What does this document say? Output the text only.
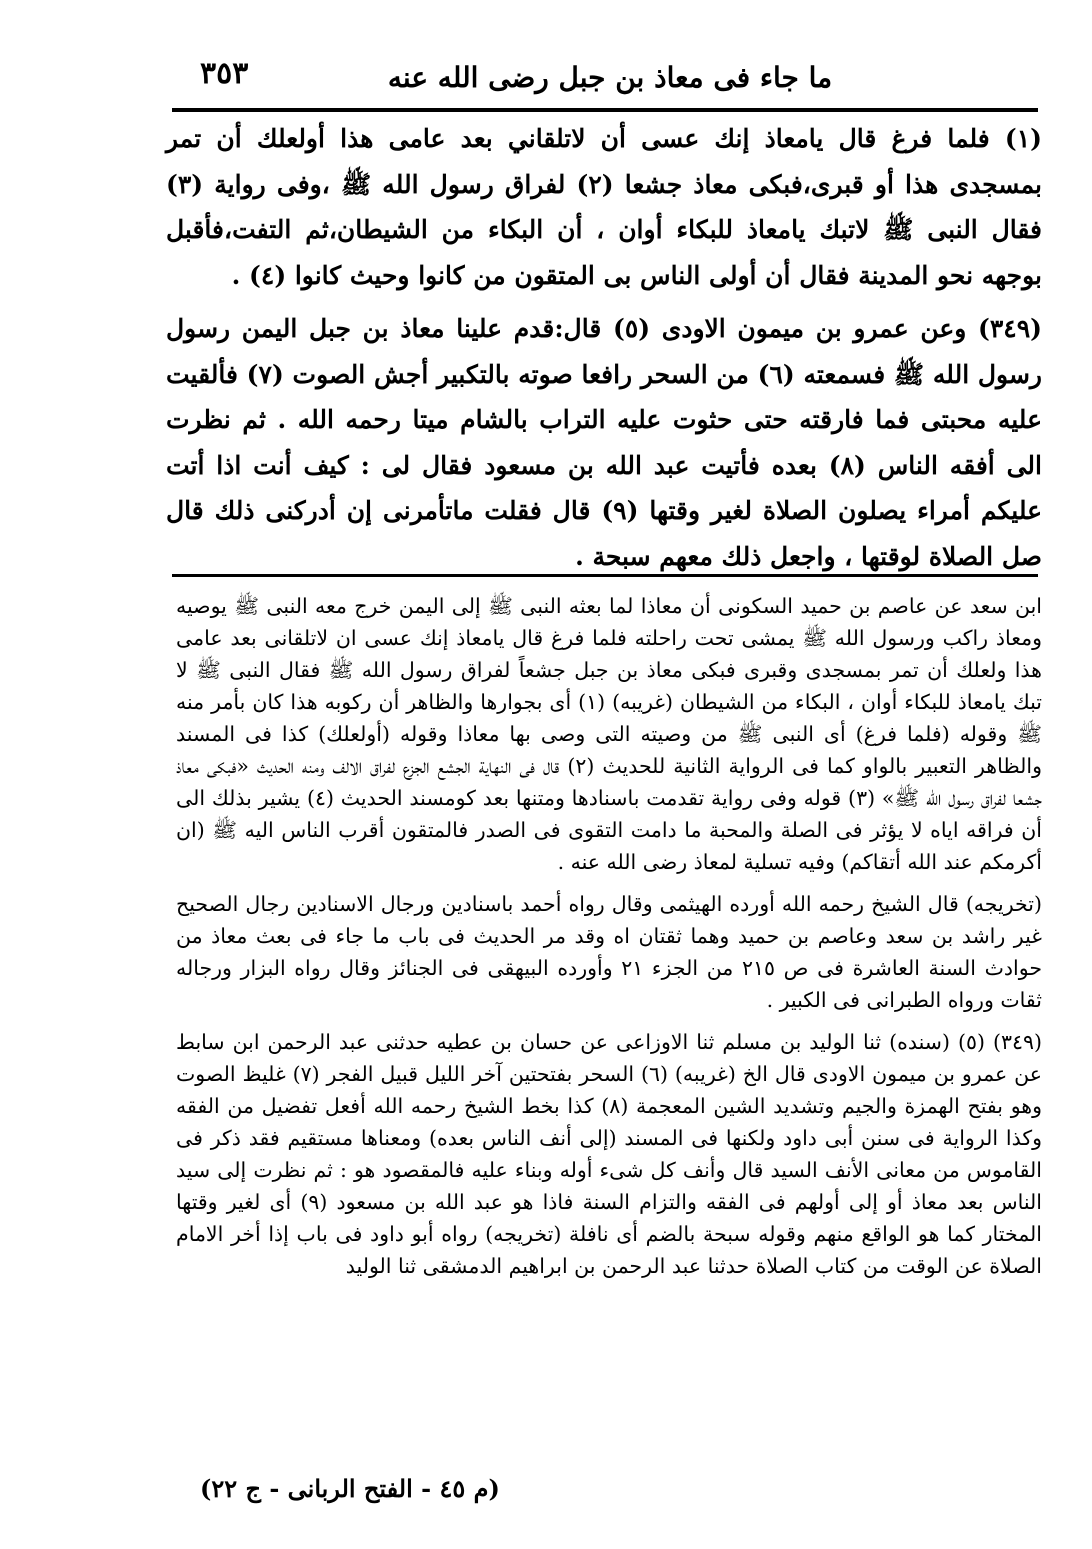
ما جاء فى معاذ بن جبل رضى الله عنه
٣٥٣

(١) فلما فرغ قال يامعاذ إنك عسى أن لاتلقاني بعد عامى هذا أولعلك أن تمر بمسجدى هذا أو قبرى،فبكى معاذ جشعا (٢) لفراق رسول الله ﷺ ،وفى رواية (٣) فقال النبى ﷺ لاتبك يامعاذ للبكاء أوان ، أن البكاء من الشيطان،ثم التفت،فأقبل بوجهه نحو المدينة فقال أن أولى الناس بى المتقون من كانوا وحيث كانوا (٤) .

(٣٤٩) وعن عمرو بن ميمون الاودى (٥) قال:قدم علينا معاذ بن جبل اليمن رسول رسول الله ﷺ فسمعته (٦) من السحر رافعا صوته بالتكبير أجش الصوت (٧) فألقيت عليه محبتى فما فارقته حتى حثوت عليه التراب بالشام ميتا رحمه الله . ثم نظرت الى أفقه الناس (٨) بعده فأتيت عبد الله بن مسعود فقال لى : كيف أنت اذا أتت عليكم أمراء يصلون الصلاة لغير وقتها (٩) قال فقلت ماتأمرنى إن أدركنى ذلك قال صل الصلاة لوقتها ، واجعل ذلك معهم سبحة .

ابن سعد عن عاصم بن حميد السكونى أن معاذا لما بعثه النبى ﷺ إلى اليمن خرج معه النبى ﷺ يوصيه ومعاذ راكب ورسول الله ﷺ يمشى تحت راحلته فلما فرغ قال يامعاذ إنك عسى ان لاتلقانى بعد عامى هذا ولعلك أن تمر بمسجدى وقبرى فبكى معاذ بن جبل جشعاً لفراق رسول الله ﷺ فقال النبى ﷺ لا تبك يامعاذ للبكاء أوان ، البكاء من الشيطان (غريبه) (١) أى بجوارها والظاهر أن ركوبه هذا كان بأمر منه ﷺ وقوله (فلما فرغ) أى النبى ﷺ من وصيته التى وصى بها معاذا وقوله (أولعلك) كذا فى المسند والظاهر التعبير بالواو كما فى الرواية الثانية للحديث (٢) قال فى النهاية الجشع الجزع لفراق الالف ومنه الحديث «فبكى معاذ جشعا لفراق رسول الله ﷺ» (٣) قوله وفى رواية تقدمت باسنادها ومتنها بعد كومسند الحديث (٤) يشير بذلك الى أن فراقه اياه لا يؤثر فى الصلة والمحبة ما دامت التقوى فى الصدر فالمتقون أقرب الناس اليه ﷺ (ان أكرمكم عند الله أتقاكم) وفيه تسلية لمعاذ رضى الله عنه .

(تخريجه) قال الشيخ رحمه الله أورده الهيثمى وقال رواه أحمد باسنادين ورجال الاسنادين رجال الصحيح غير راشد بن سعد وعاصم بن حميد وهما ثقتان اه وقد مر الحديث فى باب ما جاء فى بعث معاذ من حوادث السنة العاشرة فى ص ٢١٥ من الجزء ٢١ وأورده البيهقى فى الجنائز وقال رواه البزار ورجاله ثقات ورواه الطبرانى فى الكبير .

(٣٤٩) (٥) (سنده) ثنا الوليد بن مسلم ثنا الاوزاعى عن حسان بن عطيه حدثنى عبد الرحمن ابن سابط عن عمرو بن ميمون الاودى قال الخ (غريبه) (٦) السحر بفتحتين آخر الليل قبيل الفجر (٧) غليظ الصوت وهو بفتح الهمزة والجيم وتشديد الشين المعجمة (٨) كذا بخط الشيخ رحمه الله أفعل تفضيل من الفقه وكذا الرواية فى سنن أبى داود ولكنها فى المسند (إلى أنف الناس بعده) ومعناها مستقيم فقد ذكر فى القاموس من معانى الأنف السيد قال وأنف كل شىء أوله وبناء عليه فالمقصود هو : ثم نظرت إلى سيد الناس بعد معاذ أو إلى أولهم فى الفقه والتزام السنة فاذا هو عبد الله بن مسعود (٩) أى لغير وقتها المختار كما هو الواقع منهم وقوله سبحة بالضم أى نافلة (تخريجه) رواه أبو داود فى باب إذا أخر الامام الصلاة عن الوقت من كتاب الصلاة حدثنا عبد الرحمن بن ابراهيم الدمشقى ثنا الوليد

(م ٤٥ - الفتح الربانى - ج ٢٢)
